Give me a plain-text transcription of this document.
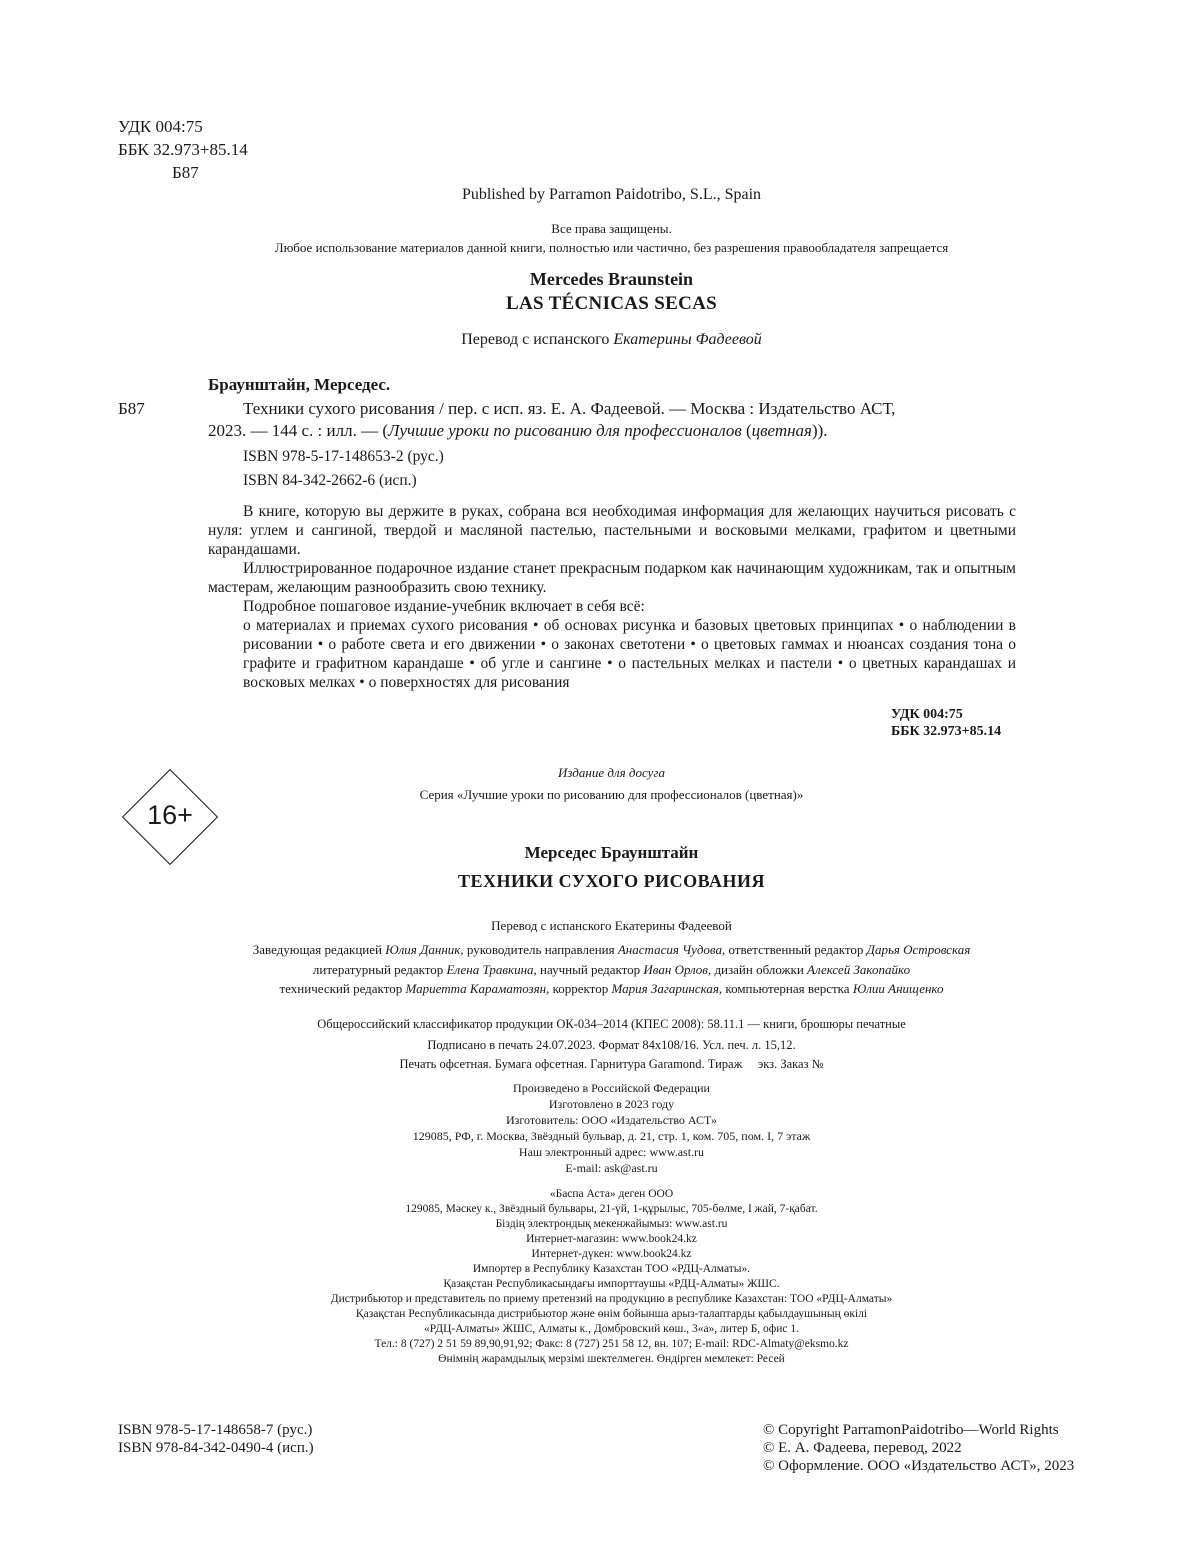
УДК 004:75
ББК 32.973+85.14
Б87
Published by Parramon Paidotribo, S.L., Spain
Все права защищены.
Любое использование материалов данной книги, полностью или частично, без разрешения правообладателя запрещается
Mercedes Braunstein
LAS TÉCNICAS SECAS
Перевод с испанского Екатерины Фадеевой
Браунштайн, Мерседес.
Б87	Техники сухого рисования / пер. с исп. яз. Е. А. Фадеевой. — Москва : Издательство АСТ,
2023. — 144 с. : илл. — (Лучшие уроки по рисованию для профессионалов (цветная)).
ISBN 978-5-17-148653-2 (рус.)
ISBN 84-342-2662-6 (исп.)
В книге, которую вы держите в руках, собрана вся необходимая информация для желающих научиться рисовать с нуля: углем и сангиной, твердой и масляной пастелью, пастельными и восковыми мелками, графитом и цветными карандашами.
Иллюстрированное подарочное издание станет прекрасным подарком как начинающим художникам, так и опытным мастерам, желающим разнообразить свою технику.
Подробное пошаговое издание-учебник включает в себя всё:
о материалах и приемах сухого рисования • об основах рисунка и базовых цветовых принципах • о наблюдении в рисовании • о работе света и его движении • о законах светотени • о цветовых гаммах и нюансах создания тона о графите и графитном карандаше • об угле и сангине • о пастельных мелках и пастели • о цветных карандашах и восковых мелках • о поверхностях для рисования
УДК 004:75
ББК 32.973+85.14
Издание для досуга
Серия «Лучшие уроки по рисованию для профессионалов (цветная)»
16+
Мерседес Браунштайн
ТЕХНИКИ СУХОГО РИСОВАНИЯ
Перевод с испанского Екатерины Фадеевой
Заведующая редакцией Юлия Данник, руководитель направления Анастасия Чудова, ответственный редактор Дарья Островская
литературный редактор Елена Травкина, научный редактор Иван Орлов, дизайн обложки Алексей Закопайко
технический редактор Мариетта Караматозян, корректор Мария Загаринская, компьютерная верстка Юлии Анищенко
Общероссийский классификатор продукции ОК-034–2014 (КПЕС 2008): 58.11.1 — книги, брошюры печатные
Подписано в печать 24.07.2023. Формат 84х108/16. Усл. печ. л. 15,12.
Печать офсетная. Бумага офсетная. Гарнитура Garamond. Тираж     экз. Заказ №
Произведено в Российской Федерации
Изготовлено в 2023 году
Изготовитель: ООО «Издательство АСТ»
129085, РФ, г. Москва, Звёздный бульвар, д. 21, стр. 1, ком. 705, пом. I, 7 этаж
Наш электронный адрес: www.ast.ru
E-mail: ask@ast.ru
«Баспа Аста» деген ООО
129085, Мәскеу к., Звёздный бульвары, 21-үй, 1-құрылыс, 705-бөлме, I жай, 7-қабат.
Біздің электрондық мекенжайымыз: www.ast.ru
Интернет-магазин: www.book24.kz
Интернет-дүкен: www.book24.kz
Импортер в Республику Казахстан ТОО «РДЦ-Алматы».
Қазақстан Республикасындағы импорттаушы «РДЦ-Алматы» ЖШС.
Дистрибьютор и представитель по приему претензий на продукцию в республике Казахстан: ТОО «РДЦ-Алматы»
Қазақстан Республикасында дистрибьютор және өнім бойынша арыз-талаптарды қабылдаушының өкілі
«РДЦ-Алматы» ЖШС, Алматы к., Домбровский көш., 3«а», литер Б, офис 1.
Тел.: 8 (727) 2 51 59 89,90,91,92; Факс: 8 (727) 251 58 12, вн. 107; E-mail: RDC-Almaty@eksmo.kz
Өнімнің жарамдылық мерзімі шектелмеген. Өндірген мемлекет: Ресей
ISBN 978-5-17-148658-7 (рус.)
ISBN 978-84-342-0490-4 (исп.)
© Copyright ParramonPaidotribo—World Rights
© Е. А. Фадеева, перевод, 2022
© Оформление. ООО «Издательство АСТ», 2023
